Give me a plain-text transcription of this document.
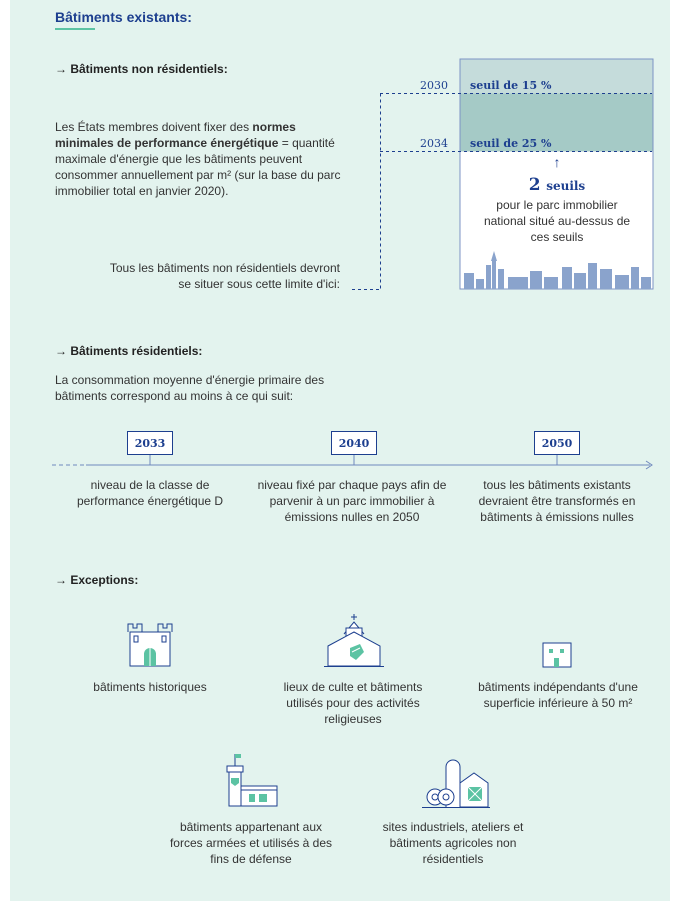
Bâtiments existants:
→ Bâtiments non résidentiels:
Les États membres doivent fixer des normes minimales de performance énergétique = quantité maximale d'énergie que les bâtiments peuvent consommer annuellement par m² (sur la base du parc immobilier total en janvier 2020).
Tous les bâtiments non résidentiels devront se situer sous cette limite d'ici:
2030 seuil de 15 %
2034 seuil de 25 %
↑
2 seuils
pour le parc immobilier national situé au-dessus de ces seuils
→ Bâtiments résidentiels:
La consommation moyenne d'énergie primaire des bâtiments correspond au moins à ce qui suit:
2033	2040	2050
niveau de la classe de performance énergétique D
niveau fixé par chaque pays afin de parvenir à un parc immobilier à émissions nulles en 2050
tous les bâtiments existants devraient être transformés en bâtiments à émissions nulles
→ Exceptions:
bâtiments historiques	lieux de culte et bâtiments utilisés pour des activités religieuses
bâtiments indépendants d'une superficie inférieure à 50 m²
bâtiments appartenant aux forces armées et utilisés à des fins de défense
sites industriels, ateliers et bâtiments agricoles non résidentiels
